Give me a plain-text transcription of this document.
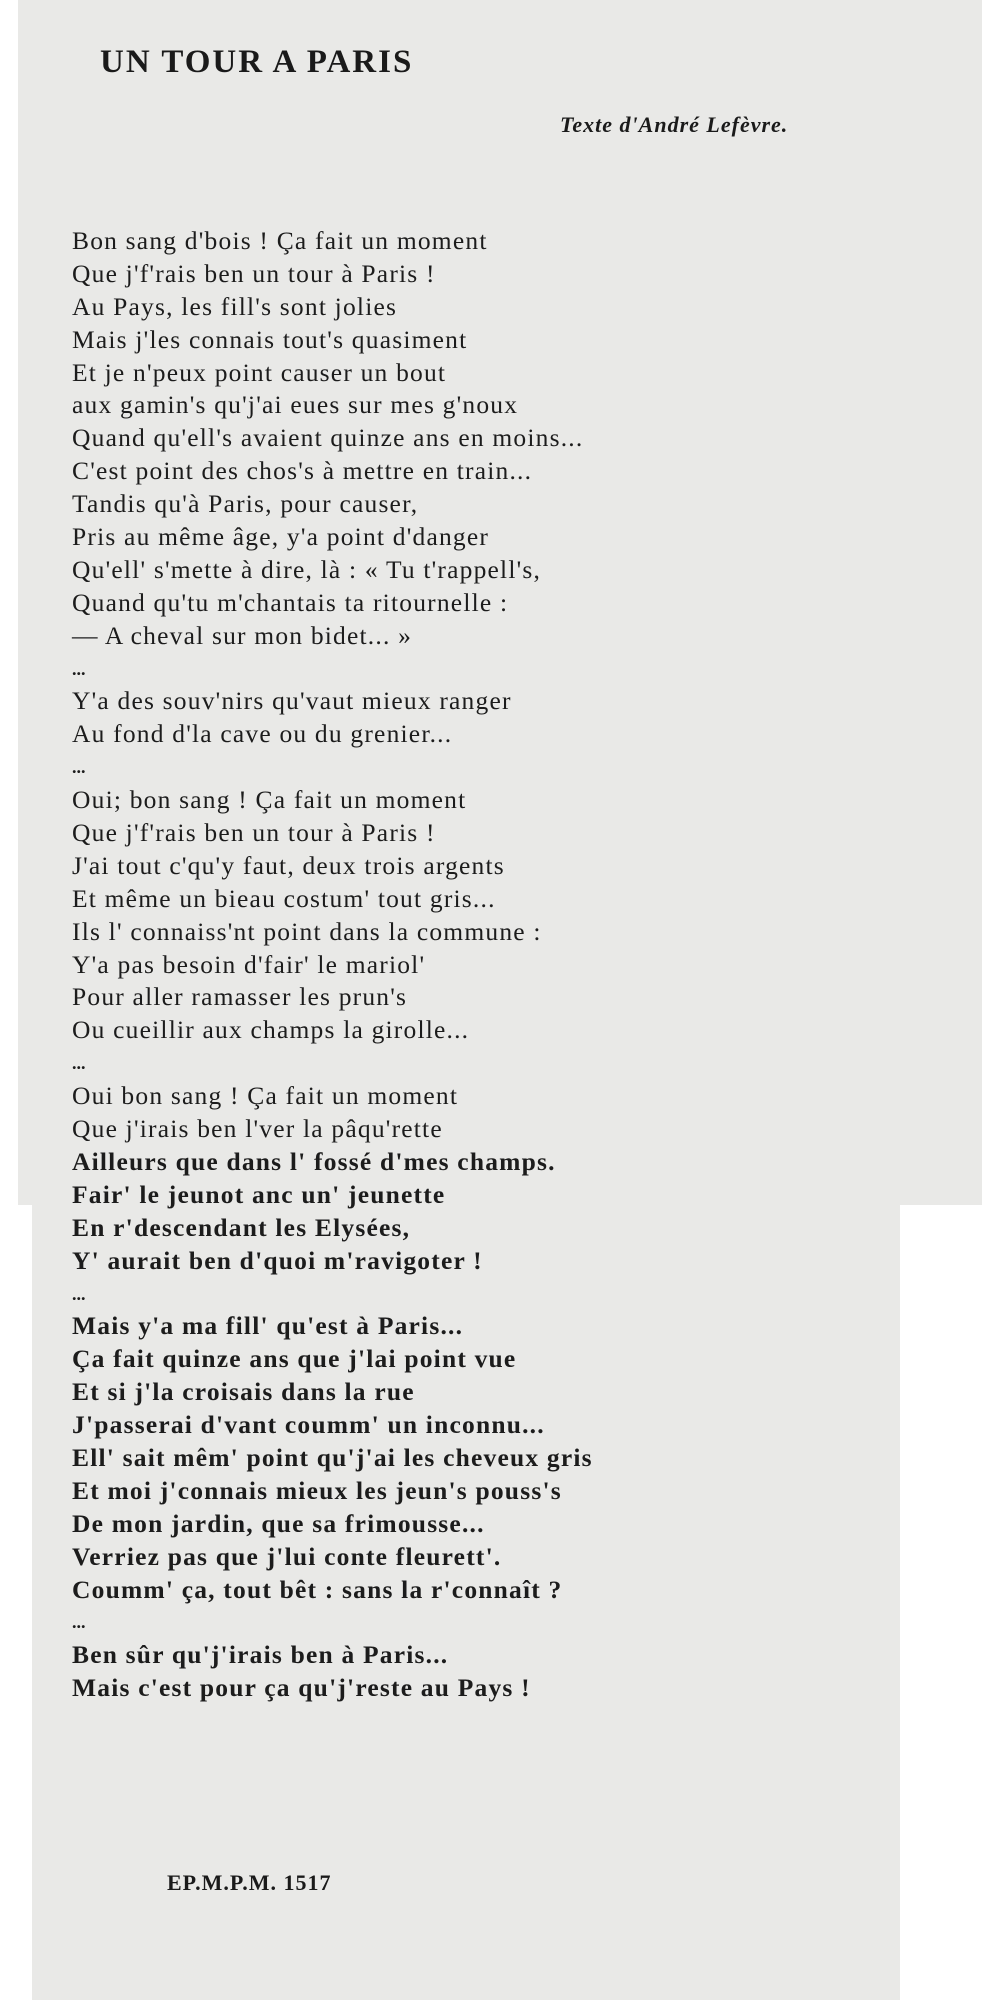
UN TOUR A PARIS

Texte d'André Lefèvre.

Bon sang d'bois ! Ça fait un moment
Que j'f'rais ben un tour à Paris !
Au Pays, les fill's sont jolies
Mais j'les connais tout's quasiment
Et je n'peux point causer un bout
aux gamin's qu'j'ai eues sur mes g'noux
Quand qu'ell's avaient quinze ans en moins...
C'est point des chos's à mettre en train...
Tandis qu'à Paris, pour causer,
Pris au même âge, y'a point d'danger
Qu'ell' s'mette à dire, là : « Tu t'rappell's,
Quand qu'tu m'chantais ta ritournelle :
— A cheval sur mon bidet... »
...
Y'a des souv'nirs qu'vaut mieux ranger
Au fond d'la cave ou du grenier...
...
Oui; bon sang ! Ça fait un moment
Que j'f'rais ben un tour à Paris !
J'ai tout c'qu'y faut, deux trois argents
Et même un bieau costum' tout gris...
Ils l' connaiss'nt point dans la commune :
Y'a pas besoin d'fair' le mariol'
Pour aller ramasser les prun's
Ou cueillir aux champs la girolle...
...
Oui bon sang ! Ça fait un moment
Que j'irais ben l'ver la pâqu'rette
Ailleurs que dans l' fossé d'mes champs.
Fair' le jeunot anc un' jeunette
En r'descendant les Elysées,
Y' aurait ben d'quoi m'ravigoter !
...
Mais y'a ma fill' qu'est à Paris...
Ça fait quinze ans que j'lai point vue
Et si j'la croisais dans la rue
J'passerai d'vant coumm' un inconnu...
Ell' sait mêm' point qu'j'ai les cheveux gris
Et moi j'connais mieux les jeun's pouss's
De mon jardin, que sa frimousse...
Verriez pas que j'lui conte fleurett'.
Coumm' ça, tout bêt : sans la r'connaît ?
...
Ben sûr qu'j'irais ben à Paris...
Mais c'est pour ça qu'j'reste au Pays !

EP.M.P.M. 1517
